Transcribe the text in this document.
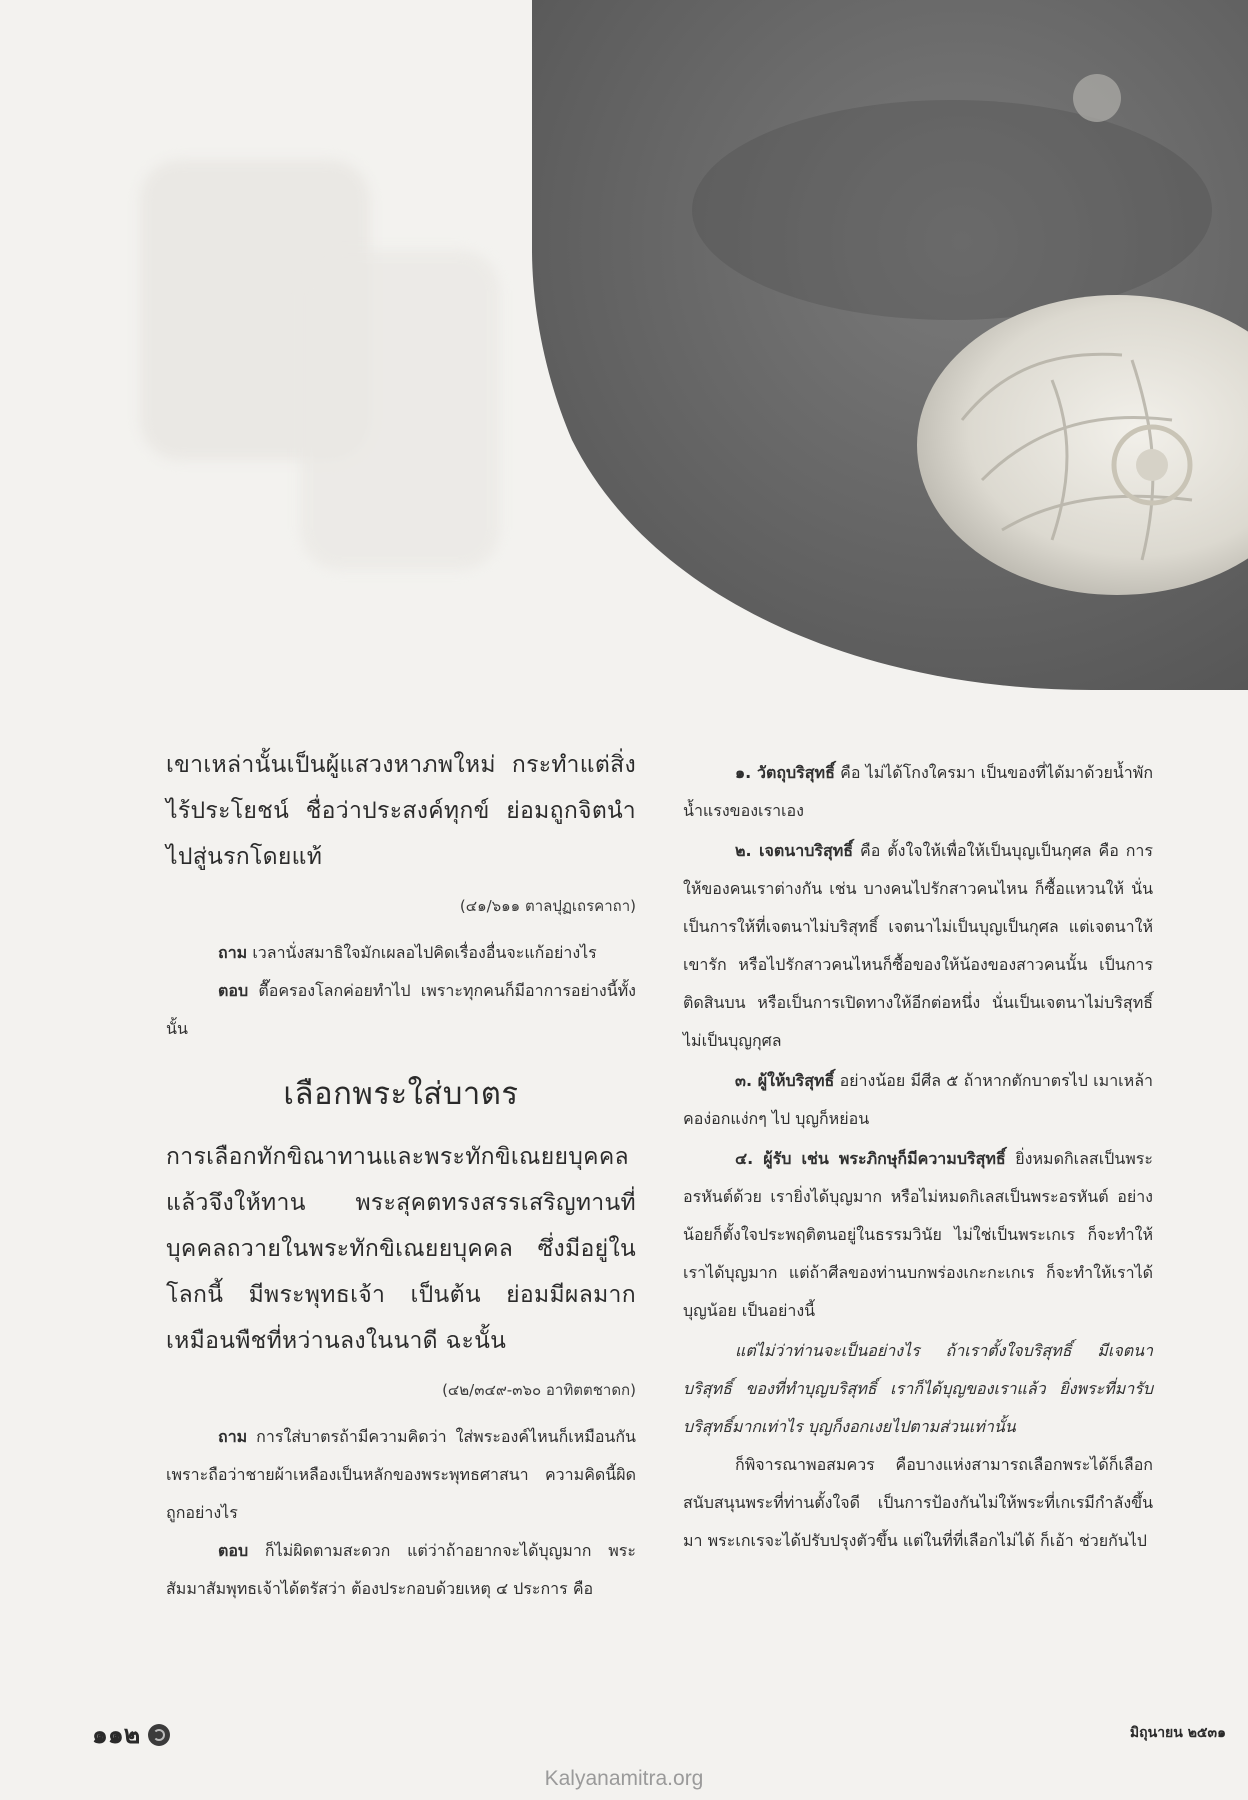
เขาเหล่านั้นเป็นผู้แสวงหาภพใหม่ กระทำแต่สิ่งไร้ประโยชน์ ชื่อว่าประสงค์ทุกข์ ย่อมถูกจิตนำไปสู่นรกโดยแท้

(๔๑/๖๑๑ ตาลปุฏเถรคาถา)

ถาม เวลานั่งสมาธิใจมักเผลอไปคิดเรื่องอื่นจะแก้อย่างไร

ตอบ ตื๊อครองโลกค่อยทำไป เพราะทุกคนก็มีอาการอย่างนี้ทั้งนั้น

เลือกพระใส่บาตร

การเลือกทักขิณาทานและพระทักขิเณยยบุคคลแล้วจึงให้ทาน พระสุคตทรงสรรเสริญทานที่บุคคลถวายในพระทักขิเณยยบุคคล ซึ่งมีอยู่ในโลกนี้ มีพระพุทธเจ้า เป็นต้น ย่อมมีผลมากเหมือนพืชที่หว่านลงในนาดี ฉะนั้น

(๔๒/๓๔๙-๓๖๐ อาทิตตชาดก)

ถาม การใส่บาตรถ้ามีความคิดว่า ใส่พระองค์ไหนก็เหมือนกัน เพราะถือว่าชายผ้าเหลืองเป็นหลักของพระพุทธศาสนา ความคิดนี้ผิดถูกอย่างไร

ตอบ ก็ไม่ผิดตามสะดวก แต่ว่าถ้าอยากจะได้บุญมาก พระสัมมาสัมพุทธเจ้าได้ตรัสว่า ต้องประกอบด้วยเหตุ ๔ ประการ คือ

๑. วัตถุบริสุทธิ์ คือ ไม่ได้โกงใครมา เป็นของที่ได้มาด้วยน้ำพักน้ำแรงของเราเอง

๒. เจตนาบริสุทธิ์ คือ ตั้งใจให้เพื่อให้เป็นบุญเป็นกุศล คือ การให้ของคนเราต่างกัน เช่น บางคนไปรักสาวคนไหน ก็ซื้อแหวนให้ นั่นเป็นการให้ที่เจตนาไม่บริสุทธิ์ เจตนาไม่เป็นบุญเป็นกุศล แต่เจตนาให้เขารัก หรือไปรักสาวคนไหนก็ซื้อของให้น้องของสาวคนนั้น เป็นการติดสินบน หรือเป็นการเปิดทางให้อีกต่อหนึ่ง นั่นเป็นเจตนาไม่บริสุทธิ์ ไม่เป็นบุญกุศล

๓. ผู้ให้บริสุทธิ์ อย่างน้อย มีศีล ๕ ถ้าหากตักบาตรไป เมาเหล้าคอง่อกแง่กๆ ไป บุญก็หย่อน

๔. ผู้รับ เช่น พระภิกษุก็มีความบริสุทธิ์ ยิ่งหมดกิเลสเป็นพระอรหันต์ด้วย เรายิ่งได้บุญมาก หรือไม่หมดกิเลสเป็นพระอรหันต์ อย่างน้อยก็ตั้งใจประพฤติตนอยู่ในธรรมวินัย ไม่ใช่เป็นพระเกเร ก็จะทำให้เราได้บุญมาก แต่ถ้าศีลของท่านบกพร่องเกะกะเกเร ก็จะทำให้เราได้บุญน้อย เป็นอย่างนี้

แต่ไม่ว่าท่านจะเป็นอย่างไร ถ้าเราตั้งใจบริสุทธิ์ มีเจตนาบริสุทธิ์ ของที่ทำบุญบริสุทธิ์ เราก็ได้บุญของเราแล้ว ยิ่งพระที่มารับบริสุทธิ์มากเท่าไร บุญก็งอกเงยไปตามส่วนเท่านั้น

ก็พิจารณาพอสมควร คือบางแห่งสามารถเลือกพระได้ก็เลือก สนับสนุนพระที่ท่านตั้งใจดี เป็นการป้องกันไม่ให้พระที่เกเรมีกำลังขึ้นมา พระเกเรจะได้ปรับปรุงตัวขึ้น แต่ในที่ที่เลือกไม่ได้ ก็เอ้า ช่วยกันไป

๑๑๒	มิถุนายน ๒๕๓๑
Kalyanamitra.org
